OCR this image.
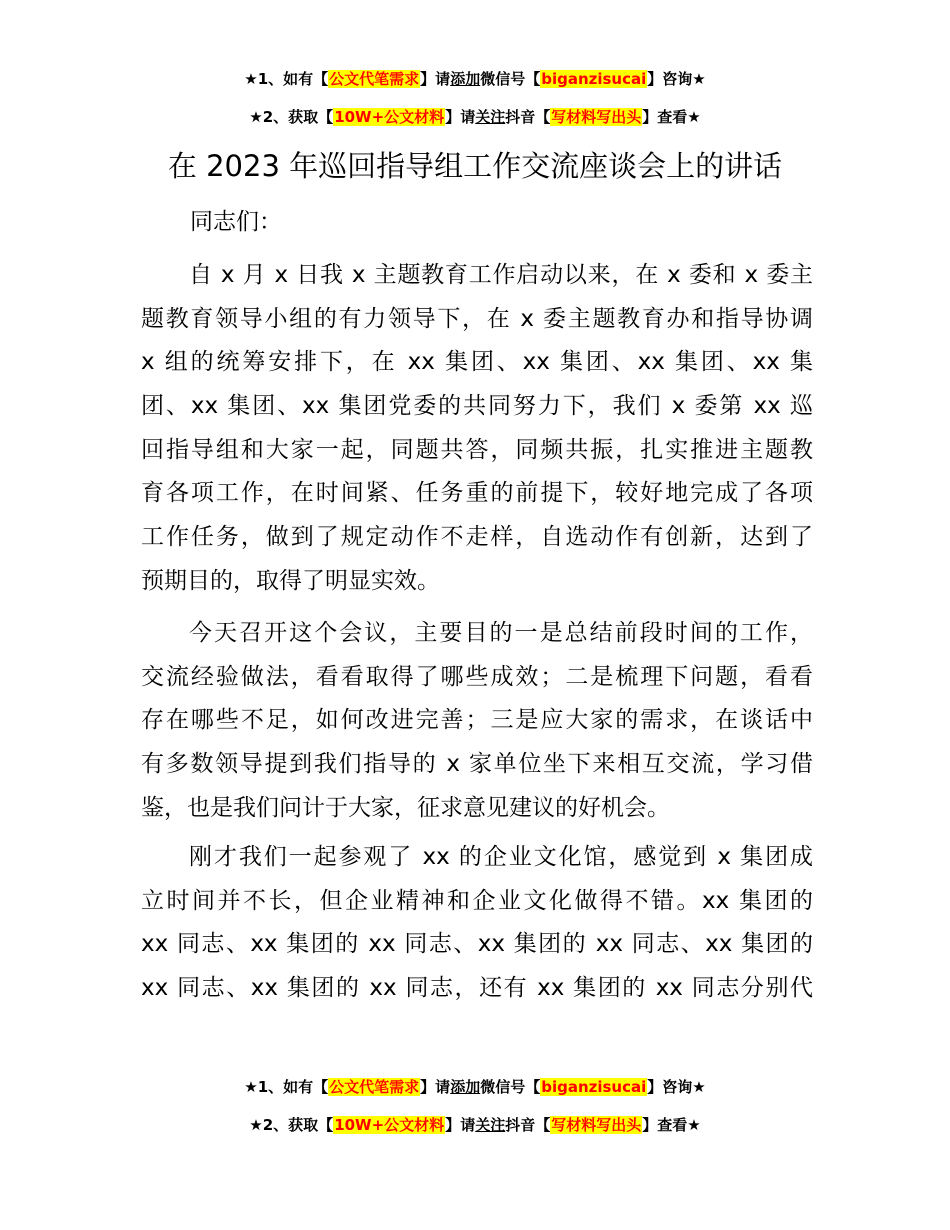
★1、如有【公文代笔需求】请添加微信号【biganzisucai】咨询★
★2、获取【10W+公文材料】请关注抖音【写材料写出头】查看★
在 2023 年巡回指导组工作交流座谈会上的讲话
同志们：
自 x 月 x 日我 x 主题教育工作启动以来，在 x 委和 x 委主
题教育领导小组的有力领导下，在 x 委主题教育办和指导协调
x 组的统筹安排下，在 xx 集团、xx 集团、xx 集团、xx 集
团、xx 集团、xx 集团党委的共同努力下，我们 x 委第 xx 巡
回指导组和大家一起，同题共答，同频共振，扎实推进主题教
育各项工作，在时间紧、任务重的前提下，较好地完成了各项
工作任务，做到了规定动作不走样，自选动作有创新，达到了
预期目的，取得了明显实效。
今天召开这个会议，主要目的一是总结前段时间的工作，
交流经验做法，看看取得了哪些成效；二是梳理下问题，看看
存在哪些不足，如何改进完善；三是应大家的需求，在谈话中
有多数领导提到我们指导的 x 家单位坐下来相互交流，学习借
鉴，也是我们问计于大家，征求意见建议的好机会。
刚才我们一起参观了 xx 的企业文化馆，感觉到 x 集团成
立时间并不长，但企业精神和企业文化做得不错。xx 集团的
xx 同志、xx 集团的 xx 同志、xx 集团的 xx 同志、xx 集团的
xx 同志、xx 集团的 xx 同志，还有 xx 集团的 xx 同志分别代
★1、如有【公文代笔需求】请添加微信号【biganzisucai】咨询★
★2、获取【10W+公文材料】请关注抖音【写材料写出头】查看★
